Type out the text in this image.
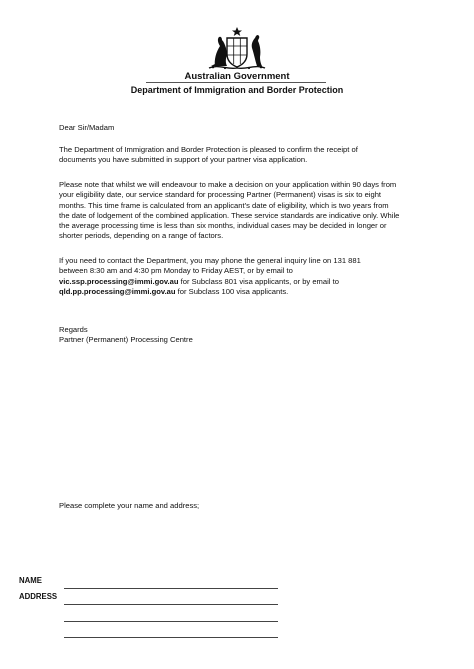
Australian Government
Department of Immigration and Border Protection

Dear Sir/Madam

The Department of Immigration and Border Protection is pleased to confirm the receipt of
documents you have submitted in support of your partner visa application.

Please note that whilst we will endeavour to make a decision on your application within 90 days from
your eligibility date, our service standard for processing Partner (Permanent) visas is six to eight
months. This time frame is calculated from an applicant’s date of eligibility, which is two years from
the date of lodgement of the combined application. These service standards are indicative only. While
the average processing time is less than six months, individual cases may be decided in longer or
shorter periods, depending on a range of factors.

If you need to contact the Department, you may phone the general inquiry line on 131 881
between 8:30 am and 4:30 pm Monday to Friday AEST, or by email to
vic.ssp.processing@immi.gov.au for Subclass 801 visa applicants, or by email to
qld.pp.processing@immi.gov.au for Subclass 100 visa applicants.

Regards
Partner (Permanent) Processing Centre

Please complete your name and address;

NAME
ADDRESS
